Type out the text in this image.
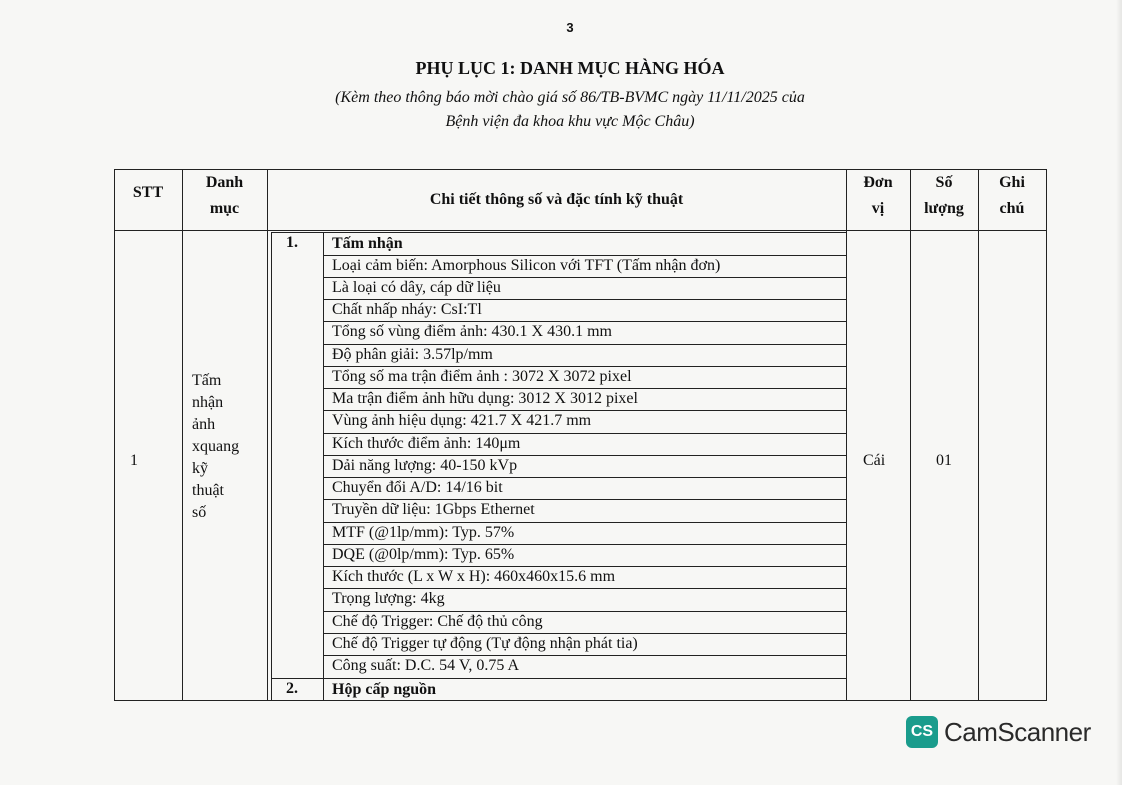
3
PHỤ LỤC 1: DANH MỤC HÀNG HÓA
(Kèm theo thông báo mời chào giá số 86/TB-BVMC ngày 11/11/2025 của
Bệnh viện đa khoa khu vực Mộc Châu)
STT
Danh
mục
Chi tiết thông số và đặc tính kỹ thuật
Đơn
vị
Số
lượng
Ghi
chú
1
Tấm nhận
ảnh
xquang
kỹ thuật
số
Cái	01
1. Tấm nhận
Loại cảm biến: Amorphous Silicon với TFT (Tấm nhận đơn)
Là loại có dây, cáp dữ liệu
Chất nhấp nháy: CsI:Tl
Tổng số vùng điểm ảnh: 430.1 X 430.1 mm
Độ phân giải: 3.57lp/mm
Tổng số ma trận điểm ảnh : 3072 X 3072 pixel
Ma trận điểm ảnh hữu dụng: 3012 X 3012 pixel
Vùng ảnh hiệu dụng: 421.7 X 421.7 mm
Kích thước điểm ảnh: 140μm
Dải năng lượng: 40-150 kVp
Chuyển đổi A/D: 14/16 bit
Truyền dữ liệu: 1Gbps Ethernet
MTF (@1lp/mm): Typ. 57%
DQE (@0lp/mm): Typ. 65%
Kích thước (L x W x H): 460x460x15.6 mm
Trọng lượng: 4kg
Chế độ Trigger: Chế độ thủ công
Chế độ Trigger tự động (Tự động nhận phát tia)
Công suất: D.C. 54 V, 0.75 A
2. Hộp cấp nguồn
CS CamScanner
